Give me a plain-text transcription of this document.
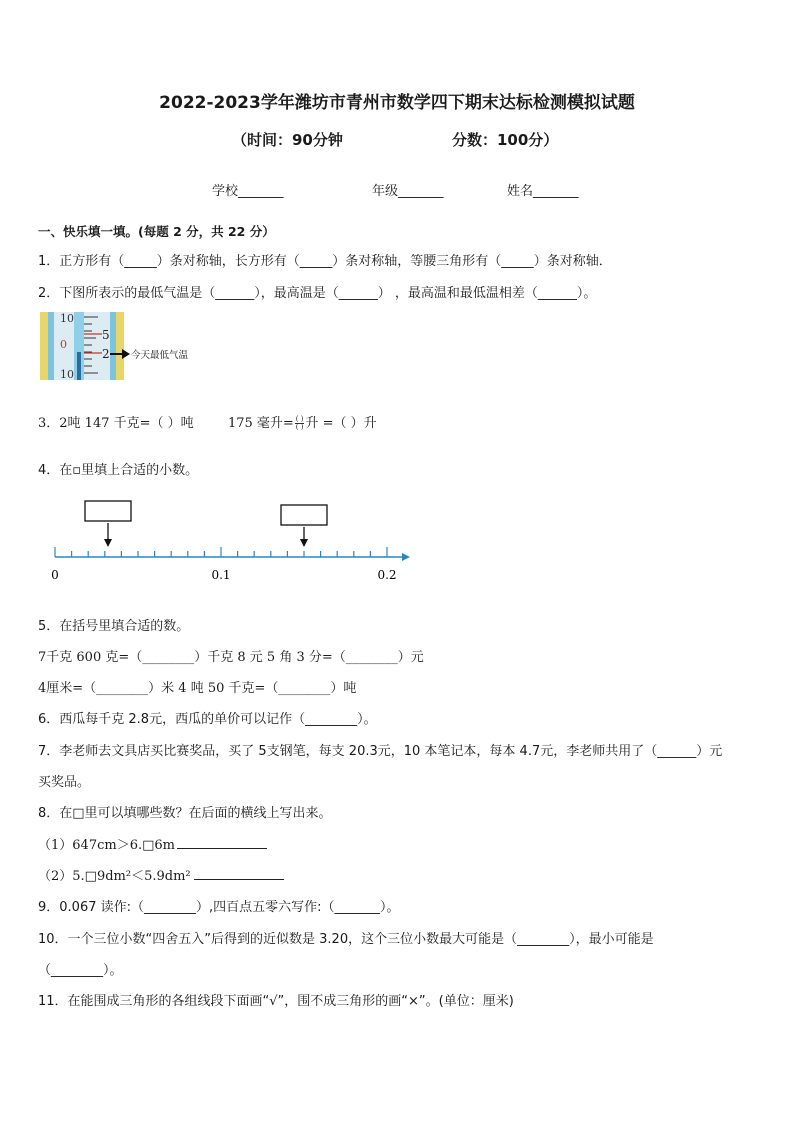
2022-2023学年潍坊市青州市数学四下期末达标检测模拟试题
（时间：90分钟	分数：100分）
学校_______	年级_______	姓名_______
一、快乐填一填。(每题 2 分，共 22 分）
1．正方形有（_____）条对称轴，长方形有（_____）条对称轴，等腰三角形有（_____）条对称轴．
2．下图所表示的最低气温是（______），最高温是（______） ，最高温和最低温相差（______）。
10
0
10
5
2 今天最低气温
3．2吨 147 千克=（ ）吨	175 毫升= $\frac{( )}{( )}$ 升 =（ ）升
4．在▫里填上合适的小数。
0	0.1	0.2
5．在括号里填合适的数。
7千克 600 克=（________）千克 8 元 5 角 3 分=（________）元
4厘米=（________）米 4 吨 50 千克=（________）吨
6．西瓜每千克 2.8元，西瓜的单价可以记作（________）。
7．李老师去文具店买比赛奖品，买了 5支钢笔，每支 20.3元，10 本笔记本，每本 4.7元，李老师共用了（______）元
买奖品。
8．在□里可以填哪些数？在后面的横线上写出来。
（1）647cm＞6.□6m
（2）5.□9dm²＜5.9dm²
9．0.067 读作:（________）,四百点五零六写作:（_______）。
10．一个三位小数“四舍五入”后得到的近似数是 3.20，这个三位小数最大可能是（________），最小可能是
（________）。
11．在能围成三角形的各组线段下面画“√”，围不成三角形的画“×”。(单位：厘米)
